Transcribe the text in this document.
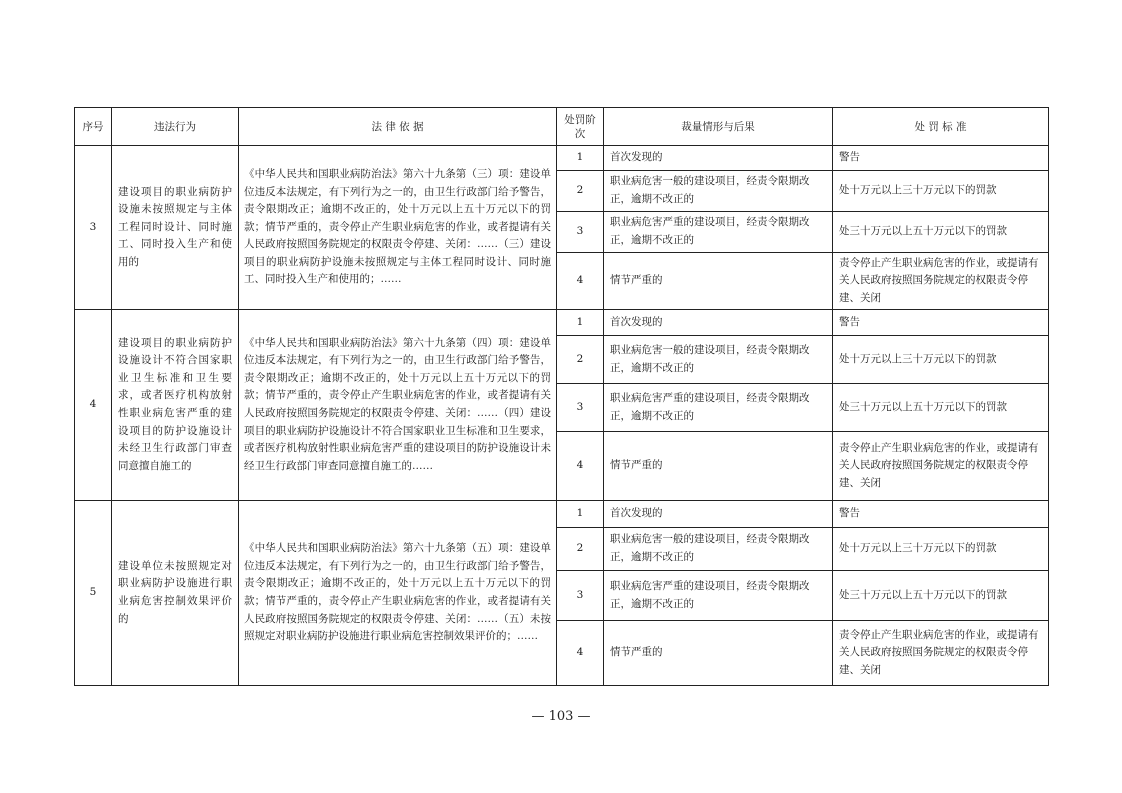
序号	违法行为	法 律 依 据	处罚阶次	裁量情形与后果	处 罚 标 准
3	建设项目的职业病防护设施未按照规定与主体工程同时设计、同时施工、同时投入生产和使用的	《中华人民共和国职业病防治法》第六十九条第（三）项：建设单位违反本法规定，有下列行为之一的，由卫生行政部门给予警告，责令限期改正；逾期不改正的，处十万元以上五十万元以下的罚款；情节严重的，责令停止产生职业病危害的作业，或者提请有关人民政府按照国务院规定的权限责令停建、关闭：……（三）建设项目的职业病防护设施未按照规定与主体工程同时设计、同时施工、同时投入生产和使用的；……	1	首次发现的	警告
			2	职业病危害一般的建设项目，经责令限期改正，逾期不改正的	处十万元以上三十万元以下的罚款
			3	职业病危害严重的建设项目，经责令限期改正，逾期不改正的	处三十万元以上五十万元以下的罚款
			4	情节严重的	责令停止产生职业病危害的作业，或提请有关人民政府按照国务院规定的权限责令停建、关闭
4	建设项目的职业病防护设施设计不符合国家职业卫生标准和卫生要求，或者医疗机构放射性职业病危害严重的建设项目的防护设施设计未经卫生行政部门审查同意擅自施工的	《中华人民共和国职业病防治法》第六十九条第（四）项：建设单位违反本法规定，有下列行为之一的，由卫生行政部门给予警告，责令限期改正；逾期不改正的，处十万元以上五十万元以下的罚款；情节严重的，责令停止产生职业病危害的作业，或者提请有关人民政府按照国务院规定的权限责令停建、关闭：……（四）建设项目的职业病防护设施设计不符合国家职业卫生标准和卫生要求，或者医疗机构放射性职业病危害严重的建设项目的防护设施设计未经卫生行政部门审查同意擅自施工的……	1	首次发现的	警告
			2	职业病危害一般的建设项目，经责令限期改正，逾期不改正的	处十万元以上三十万元以下的罚款
			3	职业病危害严重的建设项目，经责令限期改正，逾期不改正的	处三十万元以上五十万元以下的罚款
			4	情节严重的	责令停止产生职业病危害的作业，或提请有关人民政府按照国务院规定的权限责令停建、关闭
5	建设单位未按照规定对职业病防护设施进行职业病危害控制效果评价的	《中华人民共和国职业病防治法》第六十九条第（五）项：建设单位违反本法规定，有下列行为之一的，由卫生行政部门给予警告，责令限期改正；逾期不改正的，处十万元以上五十万元以下的罚款；情节严重的，责令停止产生职业病危害的作业，或者提请有关人民政府按照国务院规定的权限责令停建、关闭：……（五）未按照规定对职业病防护设施进行职业病危害控制效果评价的；……	1	首次发现的	警告
			2	职业病危害一般的建设项目，经责令限期改正，逾期不改正的	处十万元以上三十万元以下的罚款
			3	职业病危害严重的建设项目，经责令限期改正，逾期不改正的	处三十万元以上五十万元以下的罚款
			4	情节严重的	责令停止产生职业病危害的作业，或提请有关人民政府按照国务院规定的权限责令停建、关闭
— 103 —
